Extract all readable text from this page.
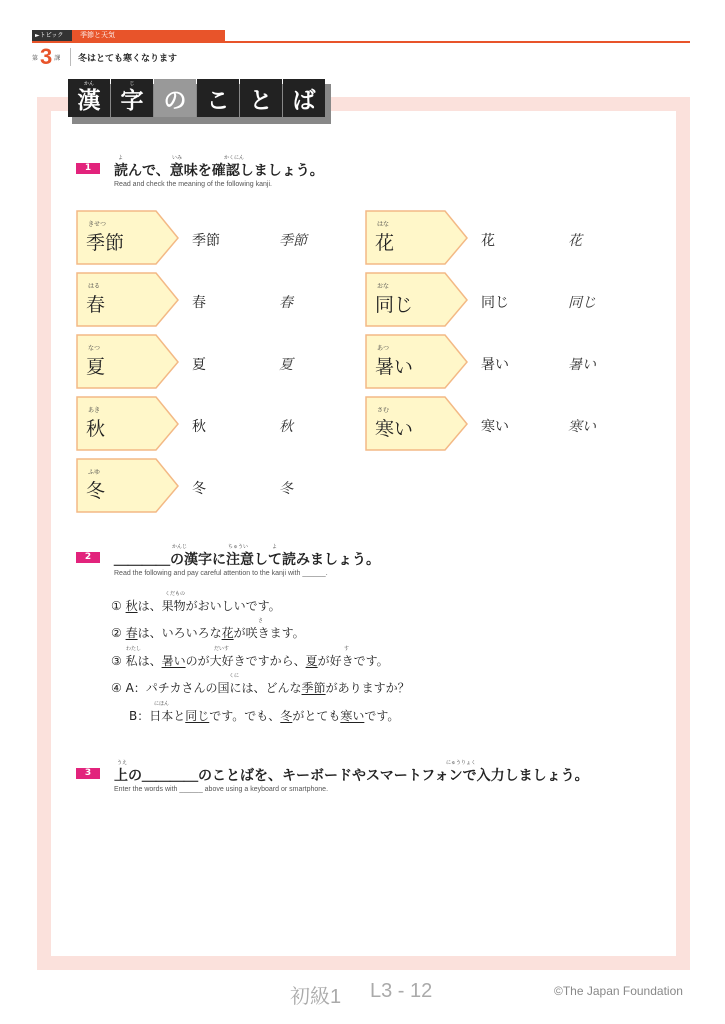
►トピック	季節と天気
第 3 課 冬はとても寒くなります
かん
漢
じ
字 の こ と ば
1
よ	いみ	かくにん
読んで、意味を確認しましょう。
Read and check the meaning of the following kanji.
きせつ
季節	季節	季節
はる
春	春	春
なつ
夏	夏	夏
あき
秋	秋	秋
ふゆ
冬	冬	冬
はな
花	花	花
おな
同じ	同じ	同じ
あつ
暑い	暑い	暑い
さむ
寒い	寒い	寒い
2
かんじ	ちゅうい	よ
＿＿＿＿の漢字に注意して読みましょう。
Read the following and pay careful attention to the kanji with ______.
くだもの
① 秋は、果物がおいしいです。
さ
② 春は、いろいろな花が咲きます。
わたし	だいす	す
③ 私は、暑いのが大好きですから、夏が好きです。
くに
④ A：パチカさんの国には、どんな季節がありますか？
にほん
B：日本と同じです。でも、冬がとても寒いです。
3
うえ	にゅうりょく
上の＿＿＿＿のことばを、キーボードやスマートフォンで入力しましょう。
Enter the words with ______ above using a keyboard or smartphone.
初級1 L3 - 12	©The Japan Foundation
